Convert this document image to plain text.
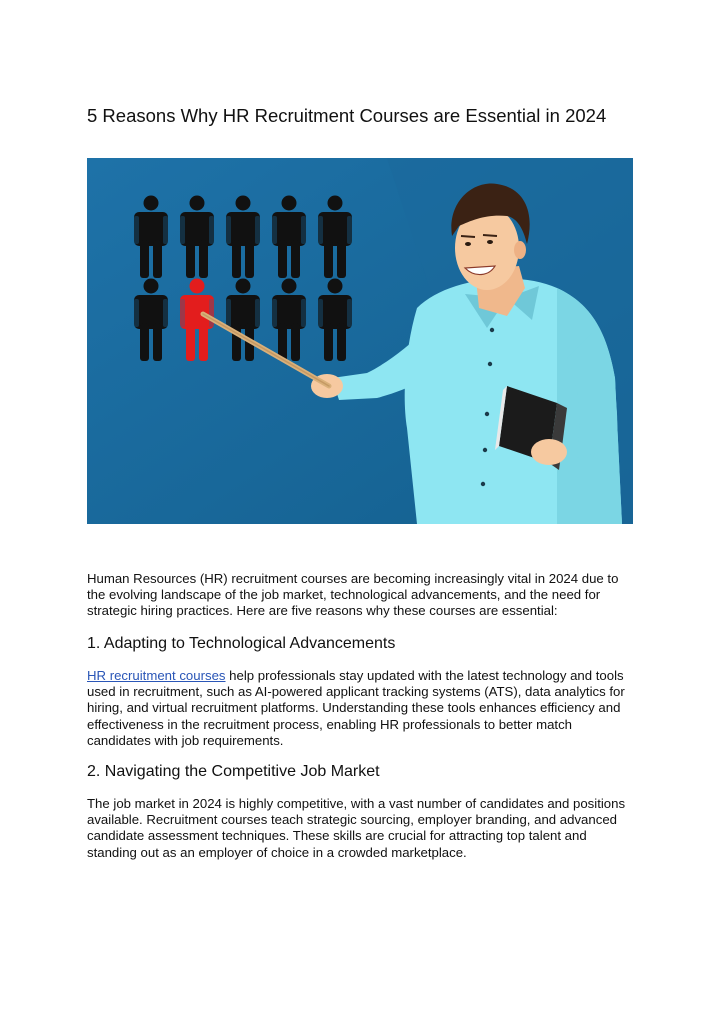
5 Reasons Why HR Recruitment Courses are Essential in 2024

Human Resources (HR) recruitment courses are becoming increasingly vital in 2024 due to the evolving landscape of the job market, technological advancements, and the need for strategic hiring practices. Here are five reasons why these courses are essential:

1. Adapting to Technological Advancements

HR recruitment courses help professionals stay updated with the latest technology and tools used in recruitment, such as AI-powered applicant tracking systems (ATS), data analytics for hiring, and virtual recruitment platforms. Understanding these tools enhances efficiency and effectiveness in the recruitment process, enabling HR professionals to better match candidates with job requirements.

2. Navigating the Competitive Job Market

The job market in 2024 is highly competitive, with a vast number of candidates and positions available. Recruitment courses teach strategic sourcing, employer branding, and advanced candidate assessment techniques. These skills are crucial for attracting top talent and standing out as an employer of choice in a crowded marketplace.
